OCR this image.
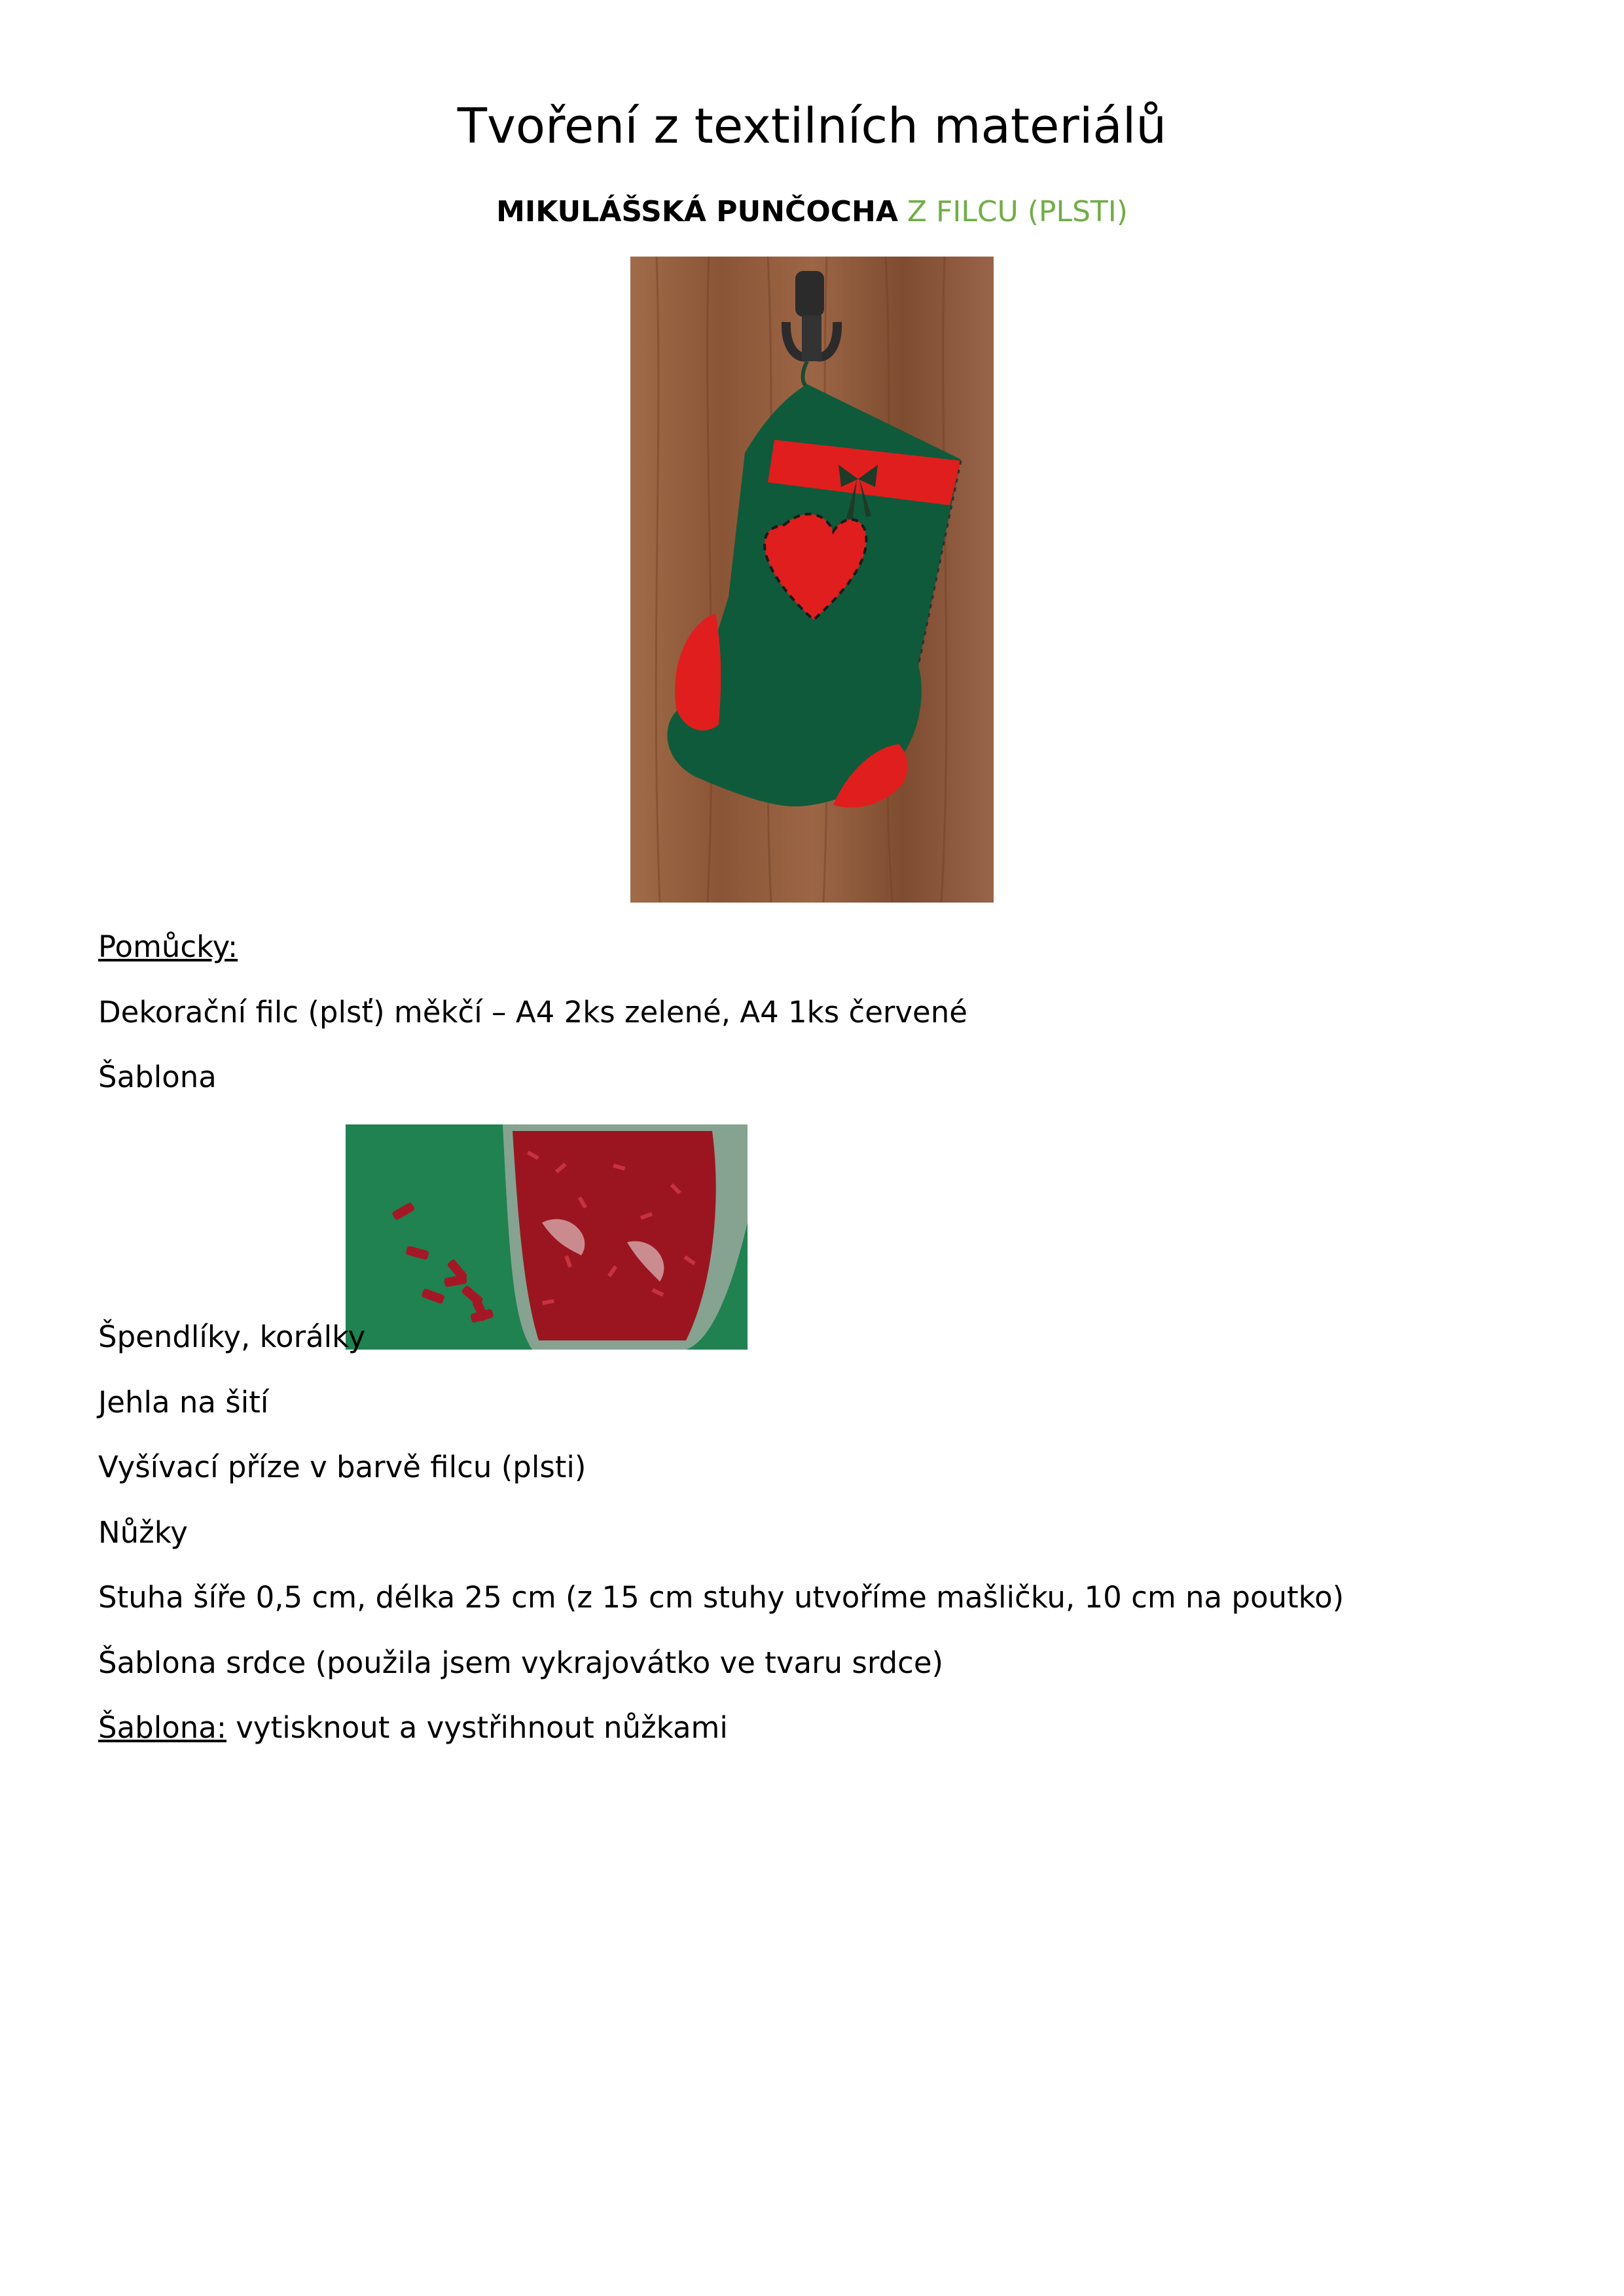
Tvoření z textilních materiálů
MIKULÁŠSKÁ PUNČOCHA Z FILCU (PLSTI)
Pomůcky:
Dekorační filc (plsť) měkčí – A4 2ks zelené, A4 1ks červené
Šablona
Špendlíky, korálky
Jehla na šití
Vyšívací příze v barvě filcu (plsti)
Nůžky
Stuha šíře 0,5 cm, délka 25 cm (z 15 cm stuhy utvoříme mašličku, 10 cm na poutko)
Šablona srdce (použila jsem vykrajovátko ve tvaru srdce)
Šablona: vytisknout a vystřihnout nůžkami
